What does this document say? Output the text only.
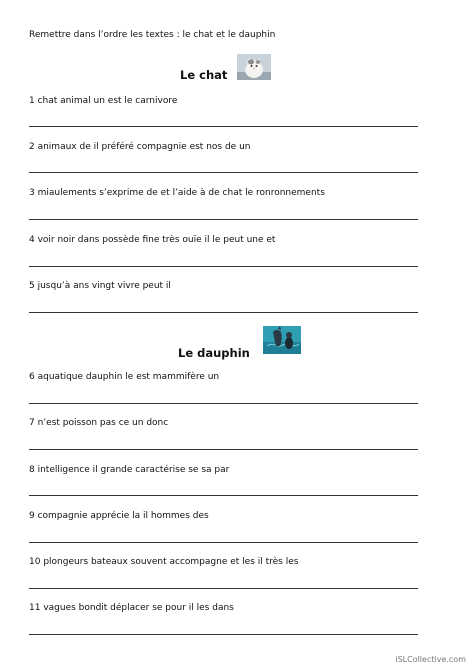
Remettre dans l’ordre les textes : le chat et le dauphin
Le chat
1 chat animal un est le carnivore
2 animaux de il préféré compagnie est nos de un
3 miaulements s’exprime de et l’aide à de chat le ronronnements
4 voir noir dans possède fine très ouïe il le peut une et
5 jusqu’à ans vingt vivre peut il
Le dauphin
6 aquatique dauphin le est mammifère un
7 n’est poisson pas ce un donc
8 intelligence il grande caractérise se sa par
9 compagnie apprécie la il hommes des
10 plongeurs bateaux souvent accompagne et les il très les
11 vagues bondit déplacer se pour il les dans
iSLCollective.com
